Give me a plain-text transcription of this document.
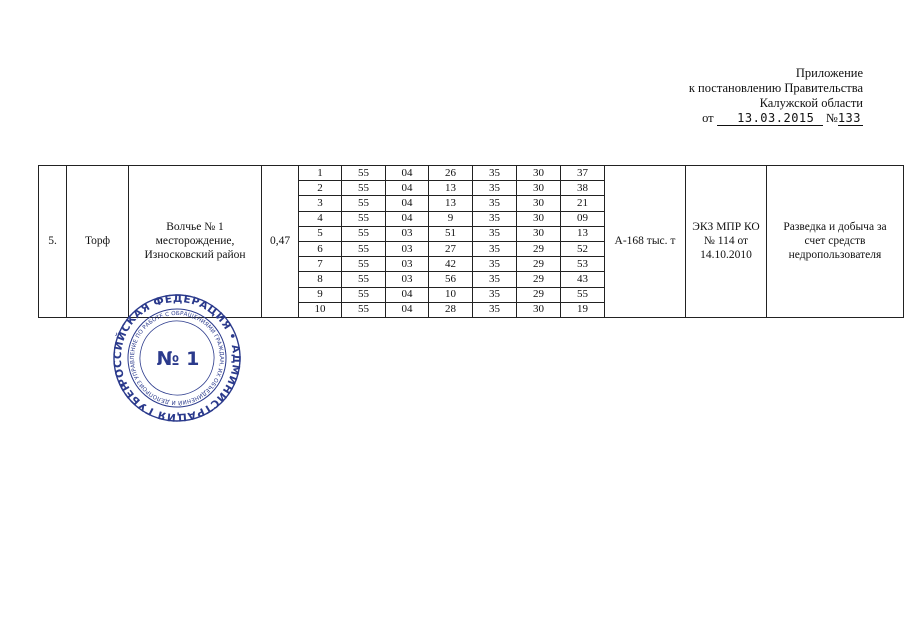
Приложение
к постановлению Правительства
Калужской области
от 13.03.2015 №133
5.	Торф	Волчье № 1 месторождение, Износковский район	0,47	1	55	04	26	35	30	37	А-168 тыс. т	ЭКЗ МПР КО № 114 от 14.10.2010	Разведка и добыча за счет средств недропользователя
				2	55	04	13	35	30	38			
				3	55	04	13	35	30	21			
				4	55	04	9	35	30	09			
				5	55	03	51	35	30	13			
				6	55	03	27	35	29	52			
				7	55	03	42	35	29	53			
				8	55	03	56	35	29	43			
				9	55	04	10	35	29	55			
				10	55	04	28	35	30	19			
РОССИЙСКАЯ ФЕДЕРАЦИЯ • АДМИНИСТРАЦИЯ ГУБЕРНАТОРА
УПРАВЛЕНИЕ ПО РАБОТЕ С ОБРАЩЕНИЯМИ ГРАЖДАН, ИХ ОБЪЕДИНЕНИЙ И ДЕЛОПРОИЗВОДСТВУ
№ 1
